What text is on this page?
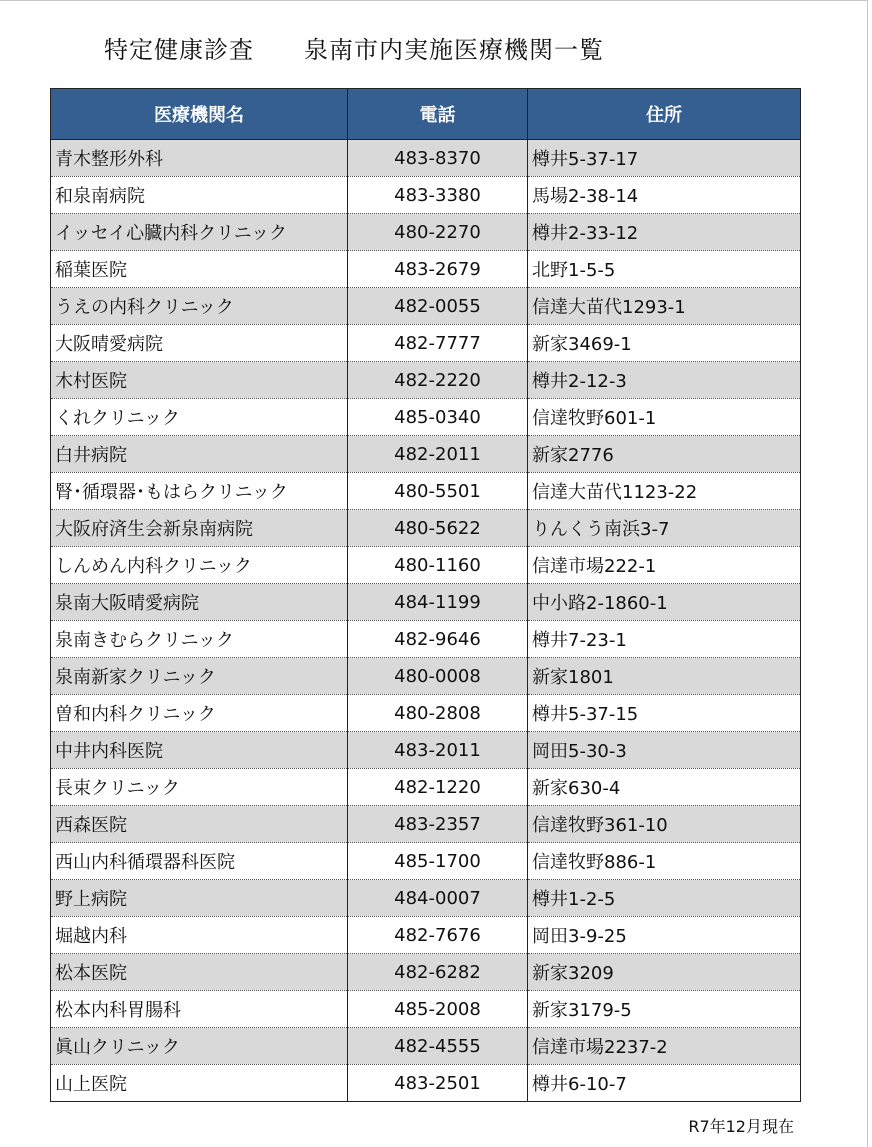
特定健康診査　　泉南市内実施医療機関一覧
医療機関名	電話	住所
青木整形外科	483-8370	樽井5-37-17
和泉南病院	483-3380	馬場2-38-14
イッセイ心臓内科クリニック	480-2270	樽井2-33-12
稲葉医院	483-2679	北野1-5-5
うえの内科クリニック	482-0055	信達大苗代1293-1
大阪晴愛病院	482-7777	新家3469-1
木村医院	482-2220	樽井2-12-3
くれクリニック	485-0340	信達牧野601-1
白井病院	482-2011	新家2776
腎･循環器･もはらクリニック	480-5501	信達大苗代1123-22
大阪府済生会新泉南病院	480-5622	りんくう南浜3-7
しんめん内科クリニック	480-1160	信達市場222-1
泉南大阪晴愛病院	484-1199	中小路2-1860-1
泉南きむらクリニック	482-9646	樽井7-23-1
泉南新家クリニック	480-0008	新家1801
曽和内科クリニック	480-2808	樽井5-37-15
中井内科医院	483-2011	岡田5-30-3
長束クリニック	482-1220	新家630-4
西森医院	483-2357	信達牧野361-10
西山内科循環器科医院	485-1700	信達牧野886-1
野上病院	484-0007	樽井1-2-5
堀越内科	482-7676	岡田3-9-25
松本医院	482-6282	新家3209
松本内科胃腸科	485-2008	新家3179-5
眞山クリニック	482-4555	信達市場2237-2
山上医院	483-2501	樽井6-10-7
R7年12月現在
